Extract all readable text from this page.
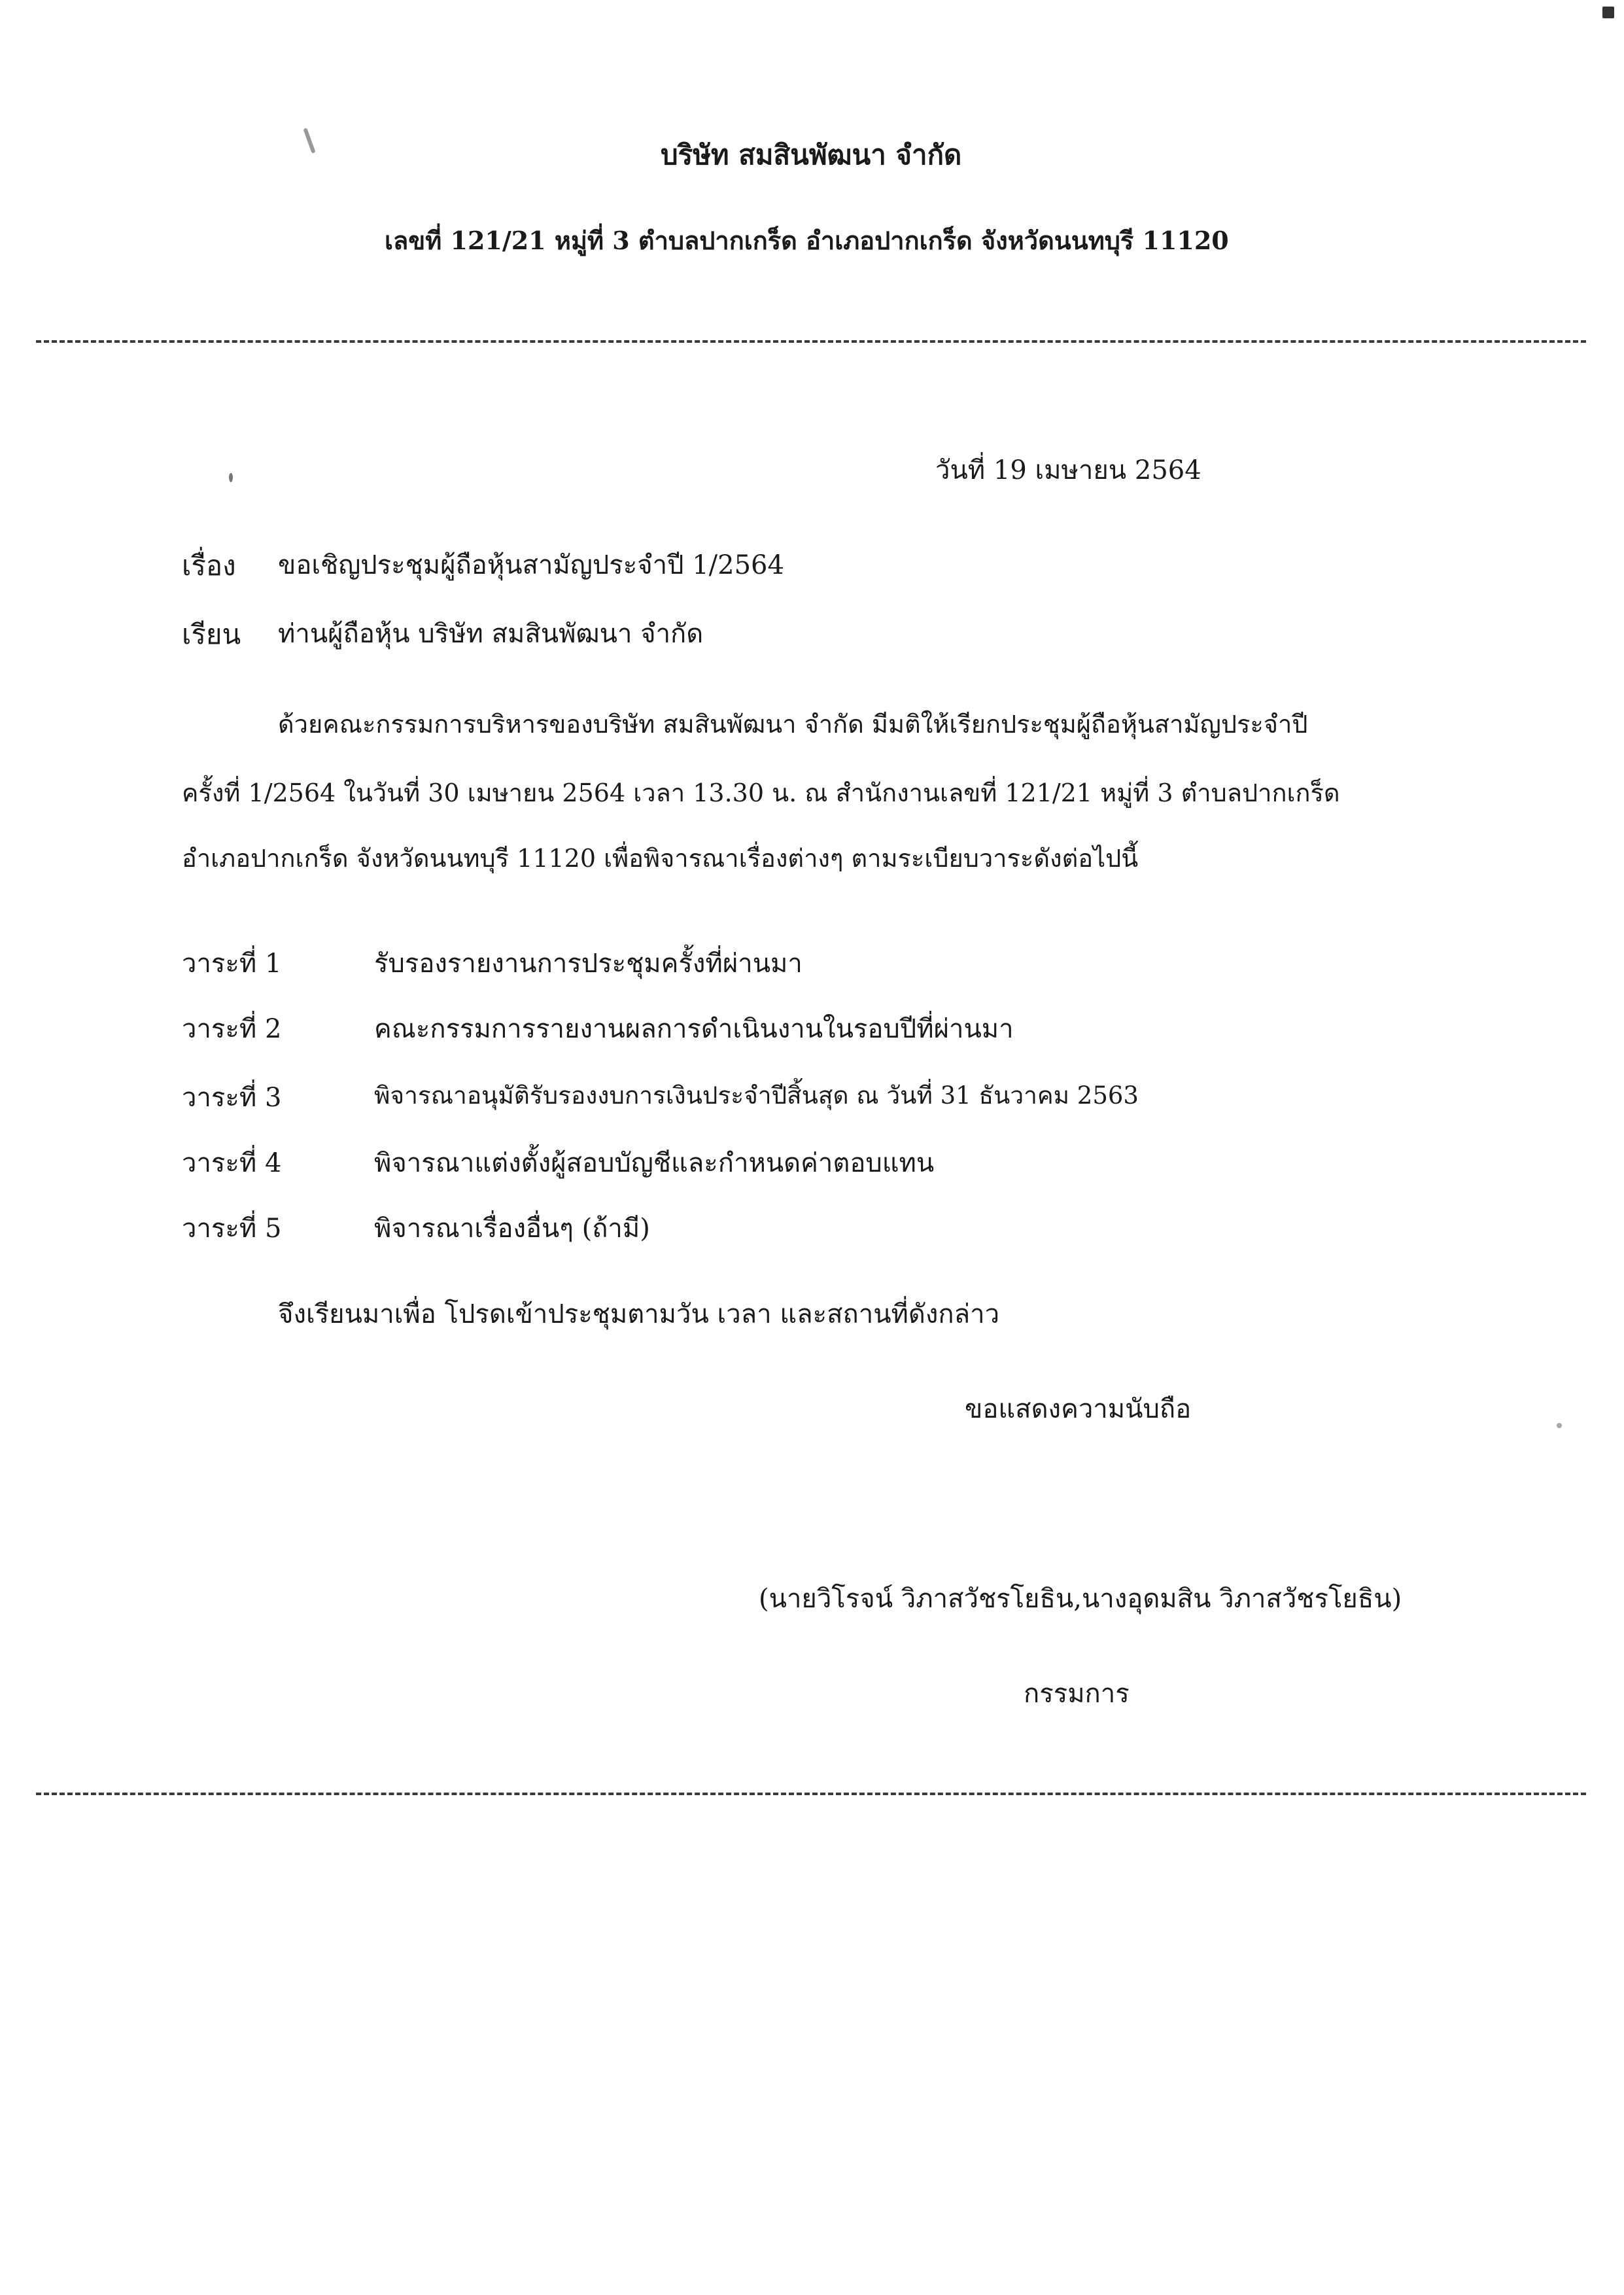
บริษัท สมสินพัฒนา จำกัด
เลขที่ 121/21 หมู่ที่ 3 ตำบลปากเกร็ด อำเภอปากเกร็ด จังหวัดนนทบุรี 11120
วันที่ 19 เมษายน 2564
เรื่อง ขอเชิญประชุมผู้ถือหุ้นสามัญประจำปี 1/2564
เรียน ท่านผู้ถือหุ้น บริษัท สมสินพัฒนา จำกัด
ด้วยคณะกรรมการบริหารของบริษัท สมสินพัฒนา จำกัด มีมติให้เรียกประชุมผู้ถือหุ้นสามัญประจำปี
ครั้งที่ 1/2564 ในวันที่ 30 เมษายน 2564 เวลา 13.30 น. ณ สำนักงานเลขที่ 121/21 หมู่ที่ 3 ตำบลปากเกร็ด
อำเภอปากเกร็ด จังหวัดนนทบุรี 11120 เพื่อพิจารณาเรื่องต่างๆ ตามระเบียบวาระดังต่อไปนี้
วาระที่ 1	รับรองรายงานการประชุมครั้งที่ผ่านมา
วาระที่ 2	คณะกรรมการรายงานผลการดำเนินงานในรอบปีที่ผ่านมา
วาระที่ 3	พิจารณาอนุมัติรับรองงบการเงินประจำปีสิ้นสุด ณ วันที่ 31 ธันวาคม 2563
วาระที่ 4	พิจารณาแต่งตั้งผู้สอบบัญชีและกำหนดค่าตอบแทน
วาระที่ 5	พิจารณาเรื่องอื่นๆ (ถ้ามี)
จึงเรียนมาเพื่อ โปรดเข้าประชุมตามวัน เวลา และสถานที่ดังกล่าว
ขอแสดงความนับถือ
(นายวิโรจน์ วิภาสวัชรโยธิน,นางอุดมสิน วิภาสวัชรโยธิน)
กรรมการ
